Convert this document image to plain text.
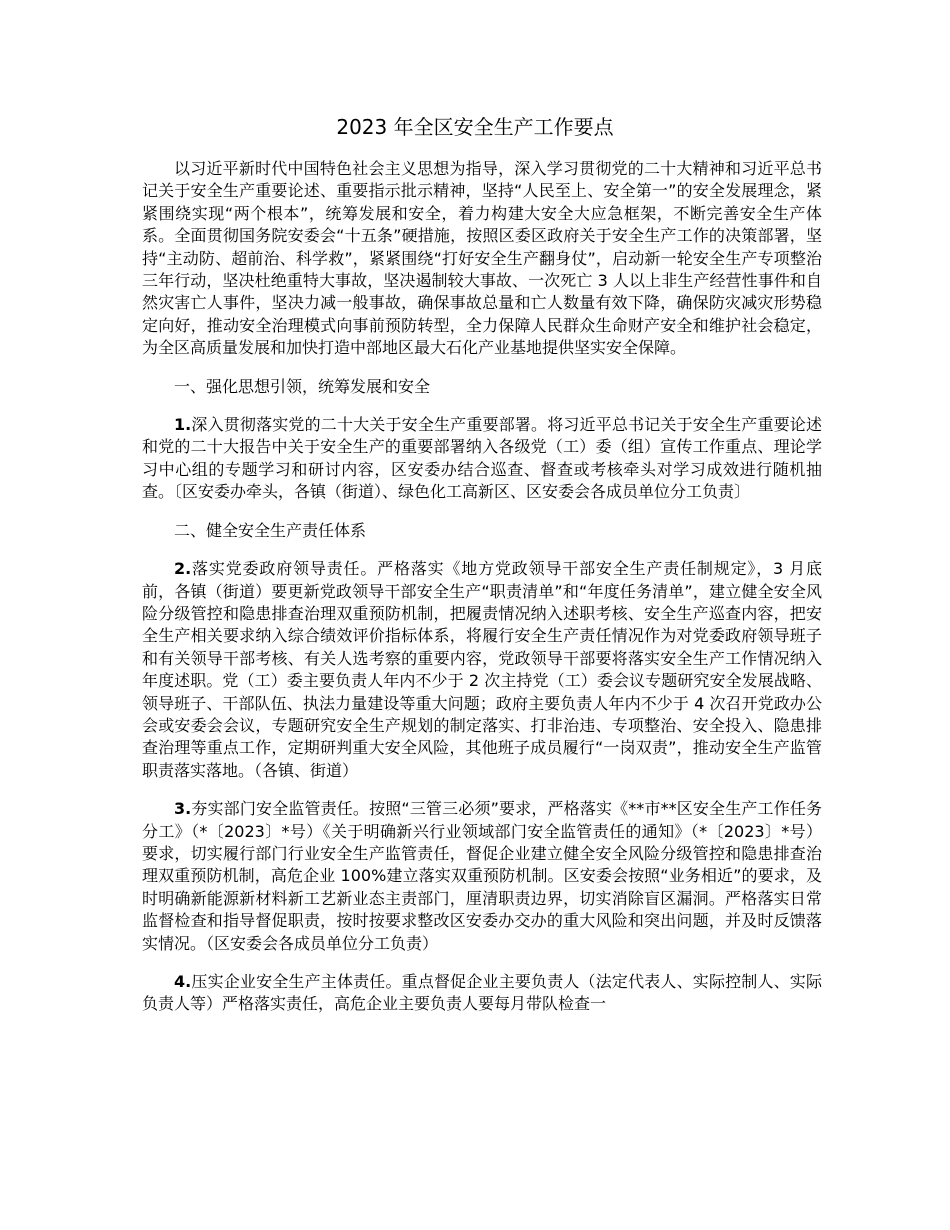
2023 年全区安全生产工作要点

以习近平新时代中国特色社会主义思想为指导，深入学习贯彻党的二十大精神和习近平总书记关于安全生产重要论述、重要指示批示精神，坚持“人民至上、安全第一”的安全发展理念，紧紧围绕实现“两个根本”，统筹发展和安全，着力构建大安全大应急框架，不断完善安全生产体系。全面贯彻国务院安委会“十五条”硬措施，按照区委区政府关于安全生产工作的决策部署，坚持“主动防、超前治、科学救”，紧紧围绕“打好安全生产翻身仗”，启动新一轮安全生产专项整治三年行动，坚决杜绝重特大事故，坚决遏制较大事故、一次死亡 3 人以上非生产经营性事件和自然灾害亡人事件，坚决力减一般事故，确保事故总量和亡人数量有效下降，确保防灾减灾形势稳定向好，推动安全治理模式向事前预防转型，全力保障人民群众生命财产安全和维护社会稳定，为全区高质量发展和加快打造中部地区最大石化产业基地提供坚实安全保障。

一、强化思想引领，统筹发展和安全

1.深入贯彻落实党的二十大关于安全生产重要部署。将习近平总书记关于安全生产重要论述和党的二十大报告中关于安全生产的重要部署纳入各级党（工）委（组）宣传工作重点、理论学习中心组的专题学习和研讨内容，区安委办结合巡查、督查或考核牵头对学习成效进行随机抽查。〔区安委办牵头，各镇（街道）、绿色化工高新区、区安委会各成员单位分工负责〕

二、健全安全生产责任体系

2.落实党委政府领导责任。严格落实《地方党政领导干部安全生产责任制规定》，3 月底前，各镇（街道）要更新党政领导干部安全生产“职责清单”和“年度任务清单”，建立健全安全风险分级管控和隐患排查治理双重预防机制，把履责情况纳入述职考核、安全生产巡查内容，把安全生产相关要求纳入综合绩效评价指标体系，将履行安全生产责任情况作为对党委政府领导班子和有关领导干部考核、有关人选考察的重要内容，党政领导干部要将落实安全生产工作情况纳入年度述职。党（工）委主要负责人年内不少于 2 次主持党（工）委会议专题研究安全发展战略、领导班子、干部队伍、执法力量建设等重大问题；政府主要负责人年内不少于 4 次召开党政办公会或安委会会议，专题研究安全生产规划的制定落实、打非治违、专项整治、安全投入、隐患排查治理等重点工作，定期研判重大安全风险，其他班子成员履行“一岗双责”，推动安全生产监管职责落实落地。（各镇、街道）

3.夯实部门安全监管责任。按照“三管三必须”要求，严格落实《**市**区安全生产工作任务分工》（*〔2023〕*号）《关于明确新兴行业领域部门安全监管责任的通知》（*〔2023〕*号）要求，切实履行部门行业安全生产监管责任，督促企业建立健全安全风险分级管控和隐患排查治理双重预防机制，高危企业 100%建立落实双重预防机制。区安委会按照“业务相近”的要求，及时明确新能源新材料新工艺新业态主责部门，厘清职责边界，切实消除盲区漏洞。严格落实日常监督检查和指导督促职责，按时按要求整改区安委办交办的重大风险和突出问题，并及时反馈落实情况。（区安委会各成员单位分工负责）

4.压实企业安全生产主体责任。重点督促企业主要负责人（法定代表人、实际控制人、实际负责人等）严格落实责任，高危企业主要负责人要每月带队检查一
